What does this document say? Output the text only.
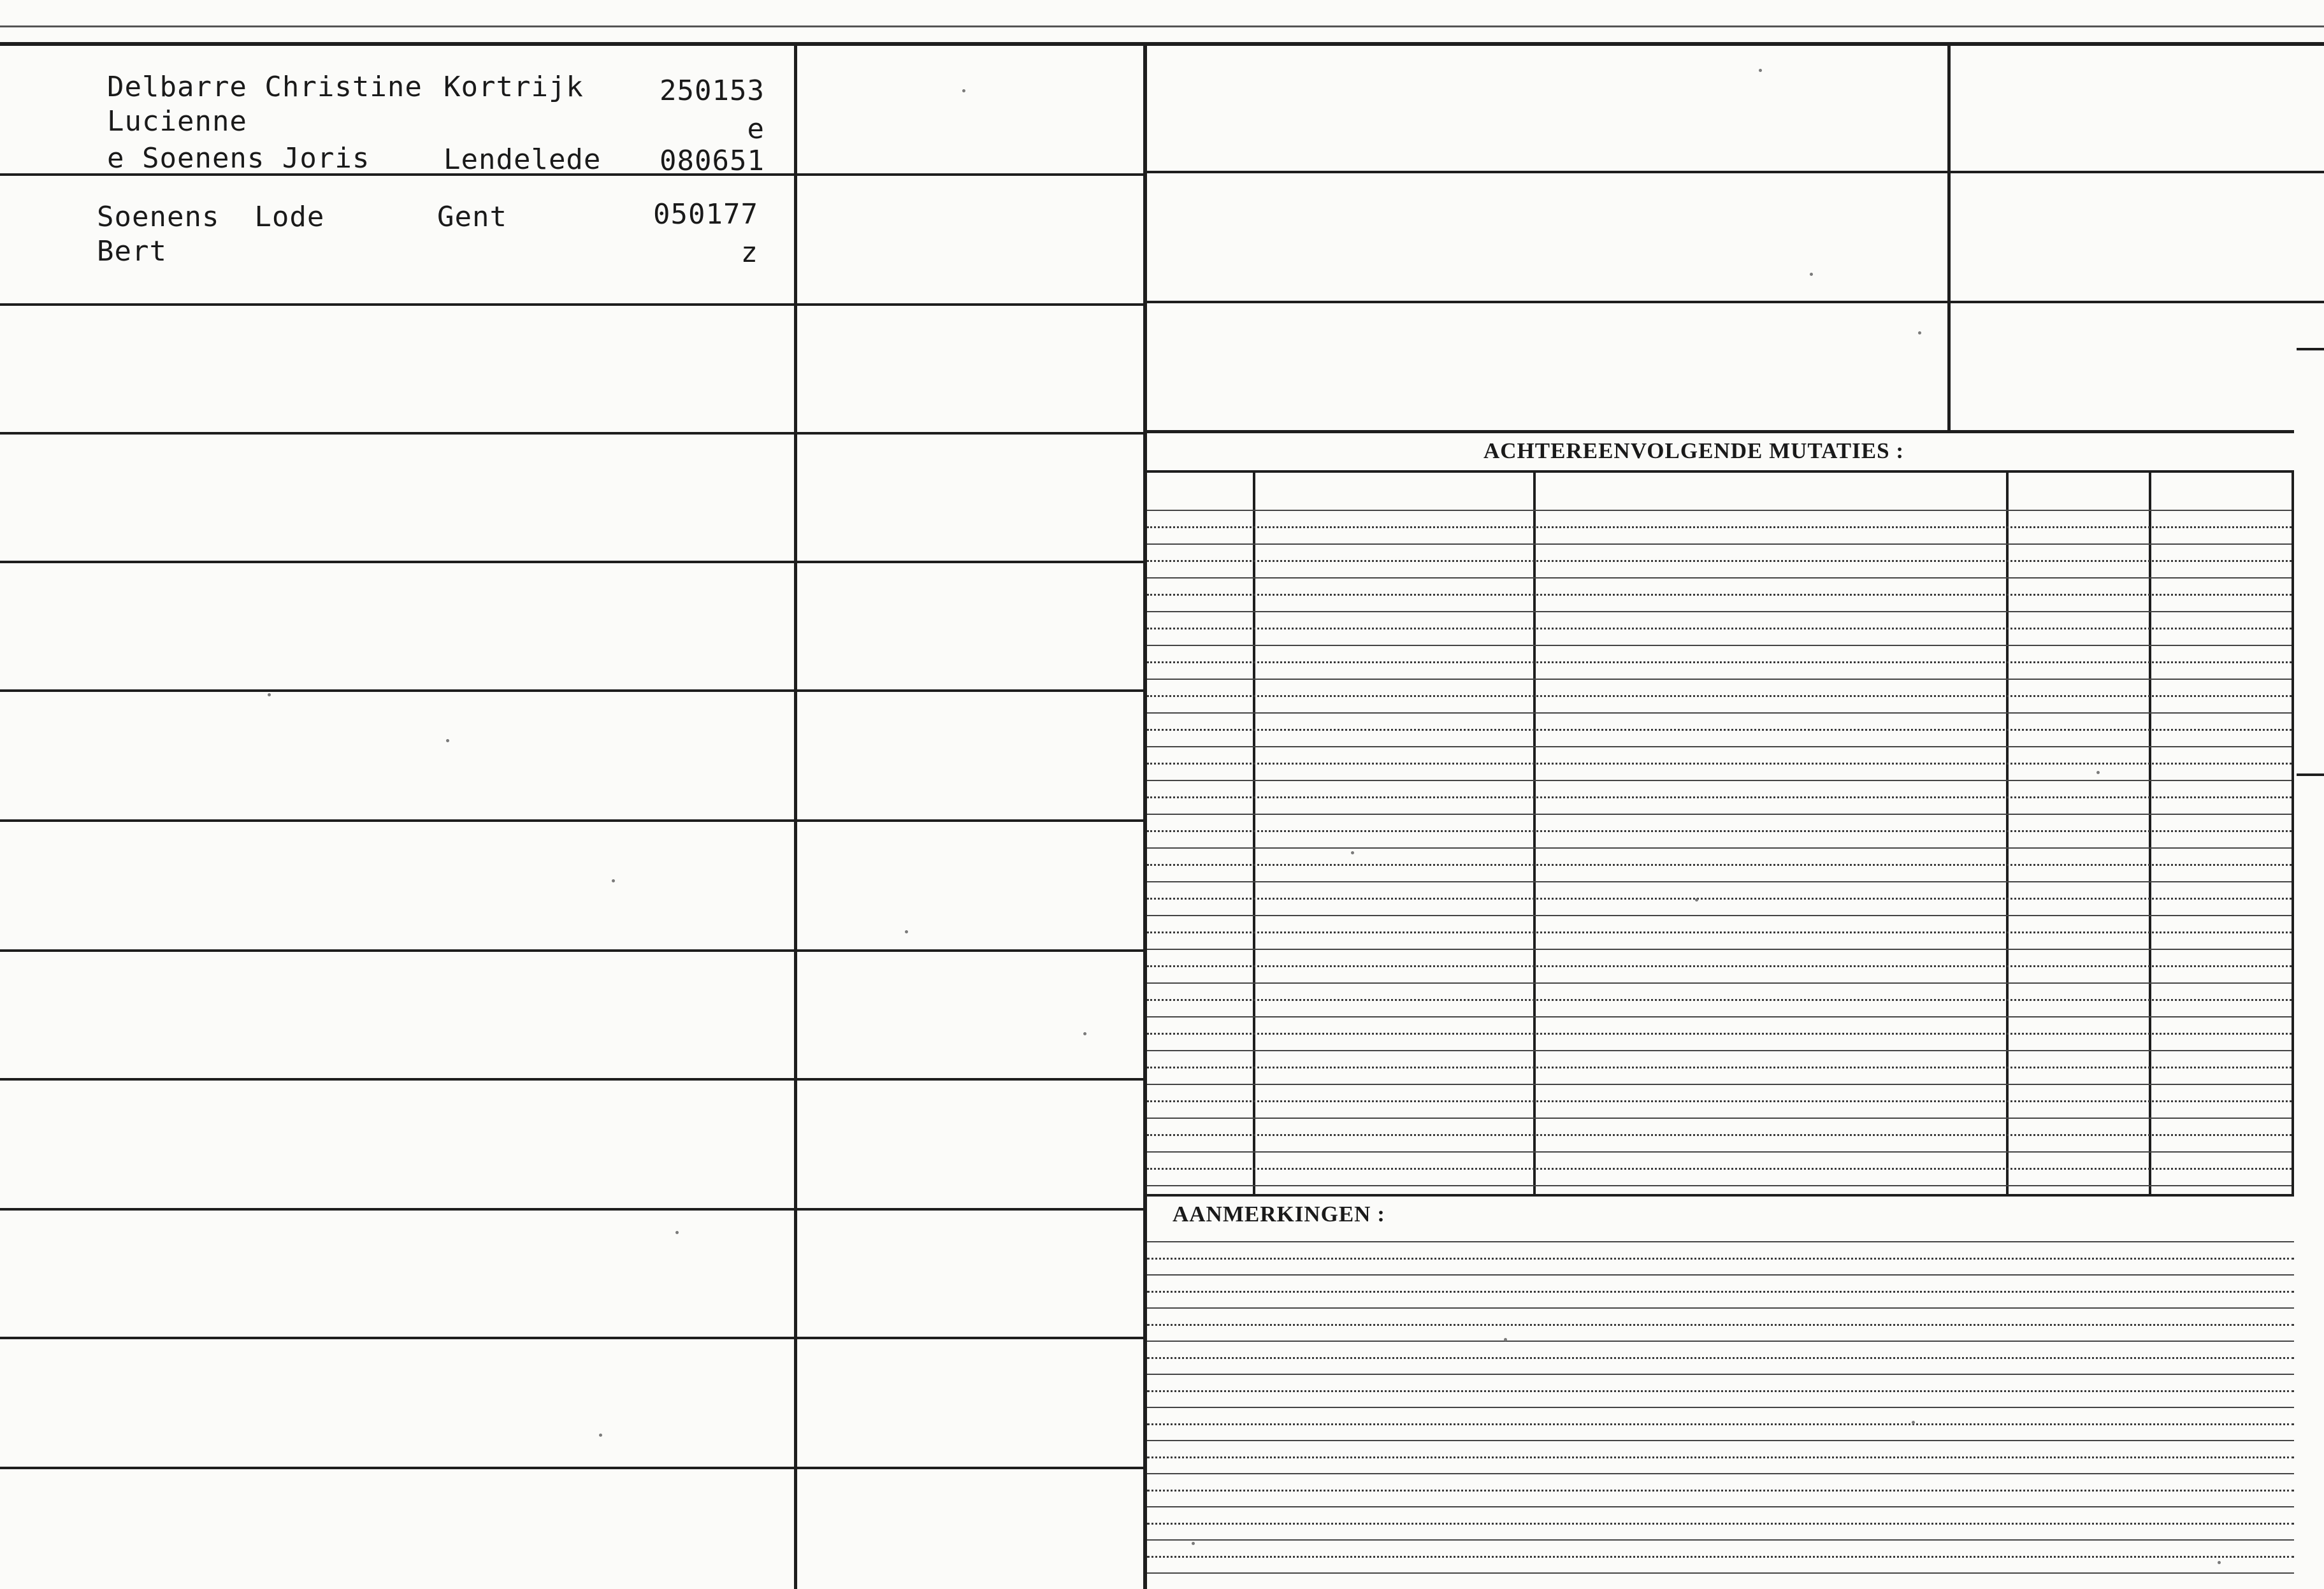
Delbarre Christine
Lucienne
e Soenens Joris
Kortrijk
Lendelede
250153
e
080651
Soenens  Lode
Bert
Gent	050177
z
ACHTEREENVOLGENDE MUTATIES :
AANMERKINGEN :
